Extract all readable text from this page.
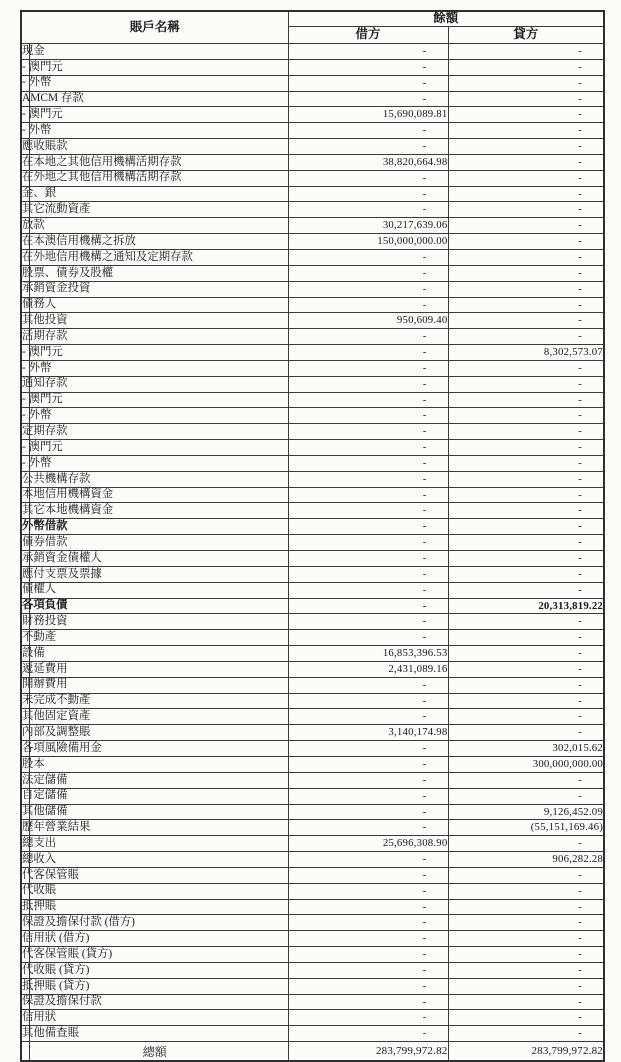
賬戶名稱	餘額	
	借方	貸方
現金	-	-
- 澳門元	-	-
- 外幣	-	-
AMCM 存款	-	-
- 澳門元	15,690,089.81	-
- 外幣	-	-
應收賬款	-	-
在本地之其他信用機構活期存款	38,820,664.98	-
在外地之其他信用機構活期存款	-	-
金、銀	-	-
其它流動資產	-	-
放款	30,217,639.06	-
在本澳信用機構之拆放	150,000,000.00	-
在外地信用機構之通知及定期存款	-	-
股票、債券及股權	-	-
承銷資金投資	-	-
債務人	-	-
其他投資	950,609.40	-
活期存款	-	-
- 澳門元	-	8,302,573.07
- 外幣	-	-
通知存款	-	-
- 澳門元	-	-
- 外幣	-	-
定期存款	-	-
- 澳門元	-	-
- 外幣	-	-
公共機構存款	-	-
本地信用機構資金	-	-
其它本地機構資金	-	-
外幣借款	-	-
債券借款	-	-
承銷資金債權人	-	-
應付支票及票據	-	-
債權人	-	-
各項負債	-	20,313,819.22
財務投資	-	-
不動產	-	-
設備	16,853,396.53	-
遞延費用	2,431,089.16	-
開辦費用	-	-
未完成不動產	-	-
其他固定資產	-	-
內部及調整賬	3,140,174.98	-
各項風險備用金	-	302,015.62
股本	-	300,000,000.00
法定儲備	-	-
自定儲備	-	-
其他儲備	-	9,126,452.09
歷年營業結果	-	(55,151,169.46)
總支出	25,696,308.90	-
總收入	-	906,282.28
代客保管賬	-	-
代收賬	-	-
抵押賬	-	-
保證及擔保付款 (借方)	-	-
信用狀 (借方)	-	-
代客保管賬 (貸方)	-	-
代收賬 (貸方)	-	-
抵押賬 (貸方)	-	-
保證及擔保付款	-	-
信用狀	-	-
其他備查賬	-	-
總額	283,799,972.82	283,799,972.82
